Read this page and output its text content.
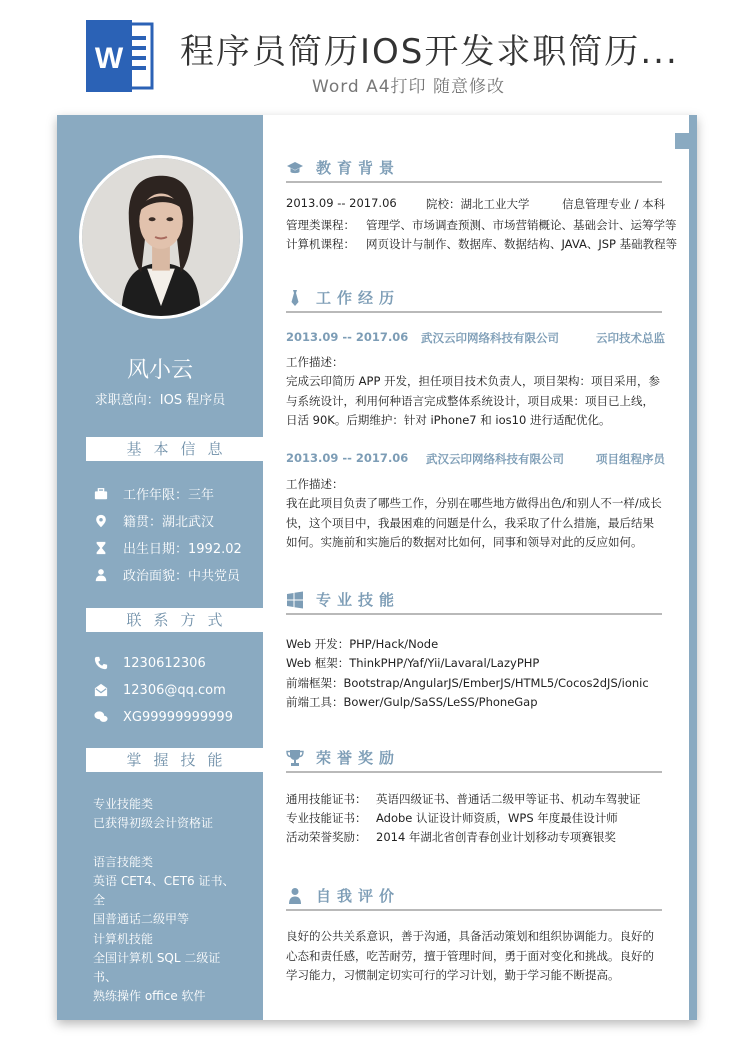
W 程序员简历IOS开发求职简历...
Word A4打印 随意修改
风小云
求职意向：IOS 程序员
基本信息
工作年限：三年
籍贯：湖北武汉
出生日期：1992.02
政治面貌：中共党员
联系方式
1230612306
12306@qq.com
XG99999999999
掌握技能
专业技能类
已获得初级会计资格证
语言技能类
英语 CET4、CET6 证书、全
国普通话二级甲等
计算机技能
全国计算机 SQL 二级证书、
熟练操作 office 软件
教育背景
2013.09 -- 2017.06	院校：湖北工业大学	信息管理专业 / 本科
管理类课程： 管理学、市场调查预测、市场营销概论、基础会计、运筹学等
计算机课程： 网页设计与制作、数据库、数据结构、JAVA、JSP 基础教程等
工作经历
2013.09 -- 2017.06 武汉云印网络科技有限公司	云印技术总监
工作描述：
完成云印简历 APP 开发，担任项目技术负责人，项目架构：项目采用，参与系统设计，利用何种语言完成整体系统设计，项目成果：项目已上线，日活 90K。后期维护：针对 iPhone7 和 ios10 进行适配优化。
2013.09 -- 2017.06 武汉云印网络科技有限公司	项目组程序员
工作描述：
我在此项目负责了哪些工作，分别在哪些地方做得出色/和别人不一样/成长快，这个项目中，我最困难的问题是什么，我采取了什么措施，最后结果如何。实施前和实施后的数据对比如何，同事和领导对此的反应如何。
专业技能
Web 开发：PHP/Hack/Node
Web 框架：ThinkPHP/Yaf/Yii/Lavaral/LazyPHP
前端框架：Bootstrap/AngularJS/EmberJS/HTML5/Cocos2dJS/ionic
前端工具：Bower/Gulp/SaSS/LeSS/PhoneGap
荣誉奖励
通用技能证书： 英语四级证书、普通话二级甲等证书、机动车驾驶证
专业技能证书： Adobe 认证设计师资质，WPS 年度最佳设计师
活动荣誉奖励： 2014 年湖北省创青春创业计划移动专项赛银奖
自我评价
良好的公共关系意识，善于沟通，具备活动策划和组织协调能力。良好的心态和责任感，吃苦耐劳，擅于管理时间，勇于面对变化和挑战。良好的学习能力，习惯制定切实可行的学习计划，勤于学习能不断提高。
